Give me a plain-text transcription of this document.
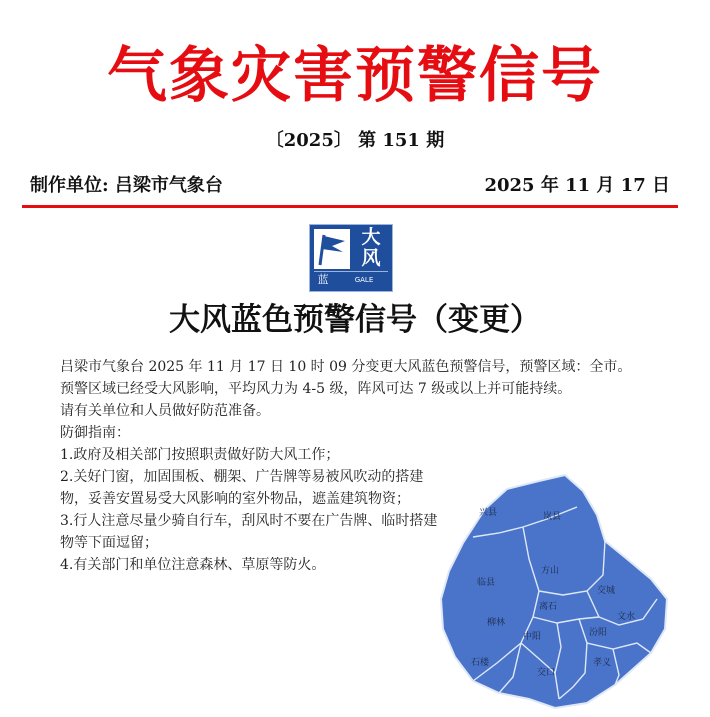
气象灾害预警信号
〔2025〕 第 151 期
制作单位: 吕梁市气象台	2025 年 11 月 17 日
大
风
蓝	GALE
大风蓝色预警信号（变更）

吕梁市气象台 2025 年 11 月 17 日 10 时 09 分变更大风蓝色预警信号，预警区域：全市。

预警区域已经受大风影响，平均风力为 4-5 级，阵风可达 7 级或以上并可能持续。

请有关单位和人员做好防范准备。

防御指南：

1.政府及相关部门按照职责做好防大风工作；

2.关好门窗，加固围板、棚架、广告牌等易被风吹动的搭建物，妥善安置易受大风影响的室外物品，遮盖建筑物资；

3.行人注意尽量少骑自行车，刮风时不要在广告牌、临时搭建物等下面逗留；

4.有关部门和单位注意森林、草原等防火。

兴县	岚县
临县
方山
离石
交城
文水
柳林
中阳	汾阳
孝义
石楼
交口
